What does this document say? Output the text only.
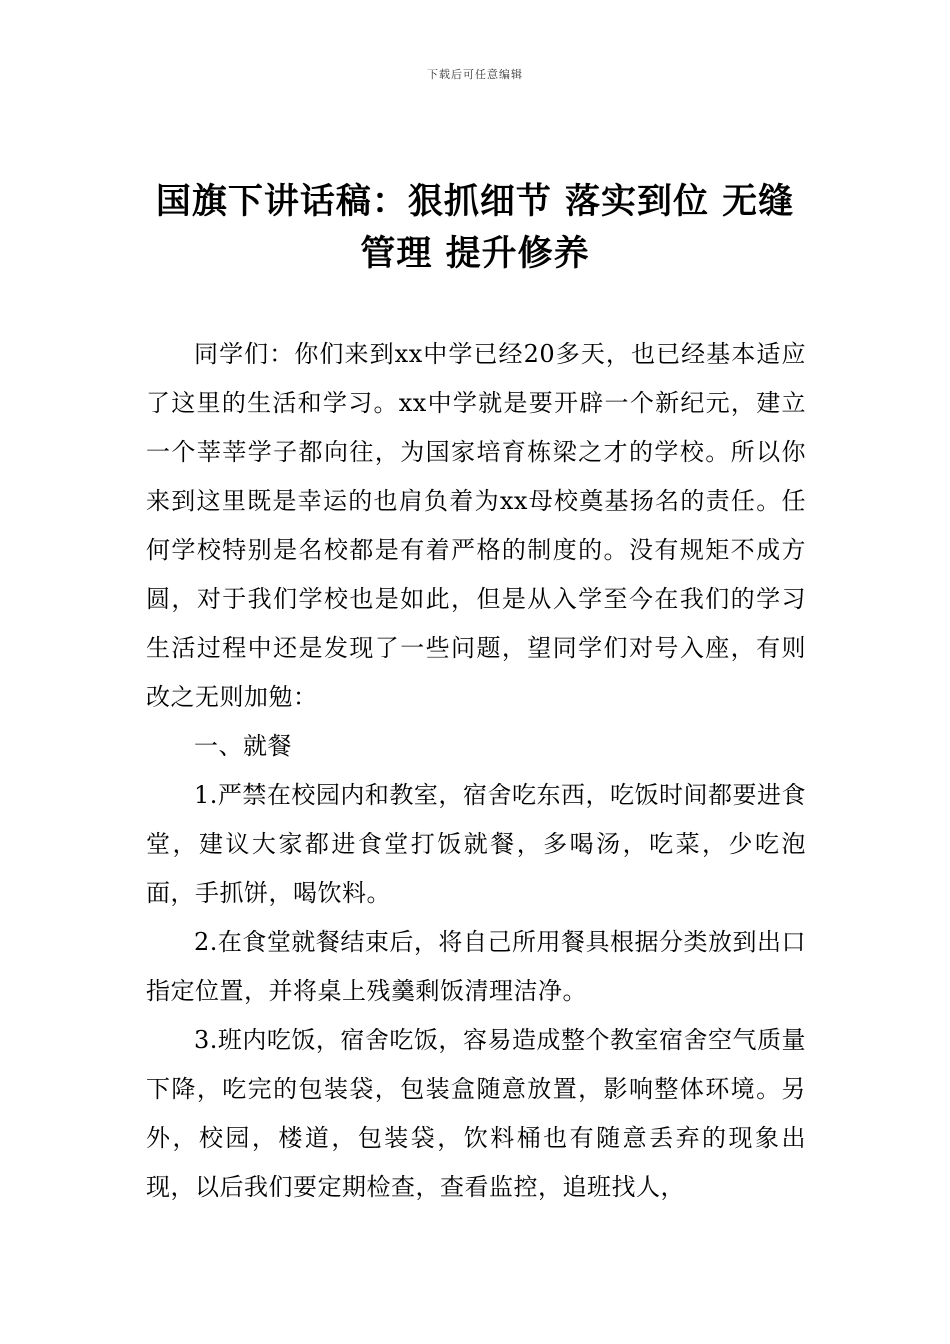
下载后可任意编辑
国旗下讲话稿：狠抓细节 落实到位 无缝
管理 提升修养

同学们：你们来到xx中学已经20多天，也已经基本适应了这里的生活和学习。xx中学就是要开辟一个新纪元，建立一个莘莘学子都向往，为国家培育栋梁之才的学校。所以你来到这里既是幸运的也肩负着为xx母校奠基扬名的责任。任何学校特别是名校都是有着严格的制度的。没有规矩不成方圆，对于我们学校也是如此，但是从入学至今在我们的学习生活过程中还是发现了一些问题，望同学们对号入座，有则改之无则加勉：

一、就餐

1.严禁在校园内和教室，宿舍吃东西，吃饭时间都要进食堂，建议大家都进食堂打饭就餐，多喝汤，吃菜，少吃泡面，手抓饼，喝饮料。

2.在食堂就餐结束后，将自己所用餐具根据分类放到出口指定位置，并将桌上残羹剩饭清理洁净。

3.班内吃饭，宿舍吃饭，容易造成整个教室宿舍空气质量下降，吃完的包装袋，包装盒随意放置，影响整体环境。另外，校园，楼道，包装袋，饮料桶也有随意丢弃的现象出现，以后我们要定期检查，查看监控，追班找人，
